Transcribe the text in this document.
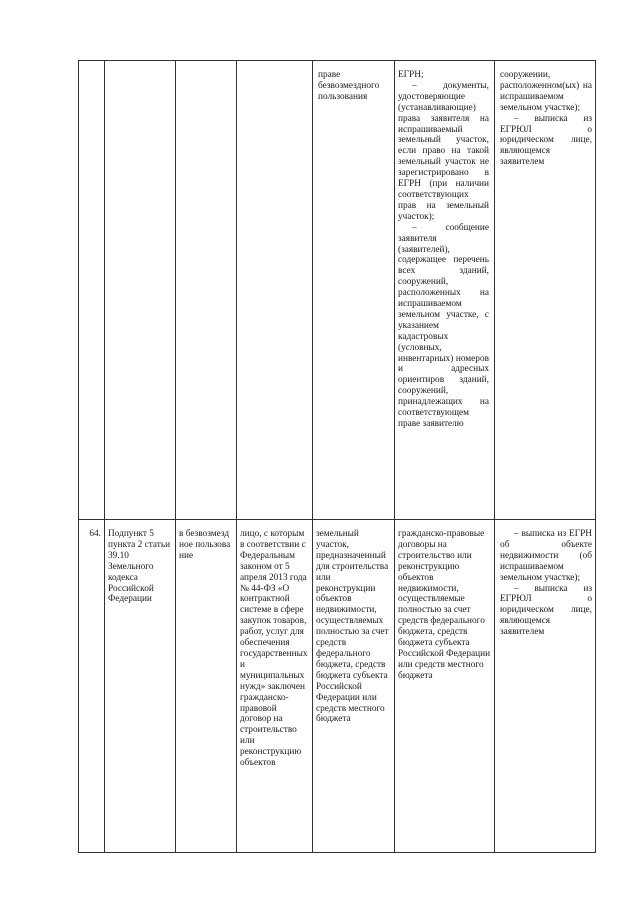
праве безвозмездного пользования

ЕГРН;

– документы, удостоверяющие (устанавливающие) права заявителя на испрашиваемый земельный участок, если право на такой земельный участок не зарегистрировано в ЕГРН (при наличии соответствующих прав на земельный участок);

– сообщение заявителя (заявителей), содержащее перечень всех зданий, сооружений, расположенных на испрашиваемом земельном участке, с указанием кадастровых (условных, инвентарных) номеров и адресных ориентиров зданий, сооружений, принадлежащих на соответствующем праве заявителю

сооружении, расположенном(ых) на испрашиваемом земельном участке);

– выписка из ЕГРЮЛ о юридическом лице, являющемся заявителем

64. Подпункт 5 пункта 2 статьи 39.10 Земельного кодекса Российской Федерации

в безвозмездное пользование

лицо, с которым в соответствии с Федеральным законом от 5 апреля 2013 года № 44-ФЗ «О контрактной системе в сфере закупок товаров, работ, услуг для обеспечения государственных и муниципальных нужд» заключен гражданско-правовой договор на строительство или реконструкцию объектов

земельный участок, предназначенный для строительства или реконструкции объектов недвижимости, осуществляемых полностью за счет средств федерального бюджета, средств бюджета субъекта Российской Федерации или средств местного бюджета

гражданско-правовые договоры на строительство или реконструкцию объектов недвижимости, осуществляемые полностью за счет средств федерального бюджета, средств бюджета субъекта Российской Федерации или средств местного бюджета

– выписка из ЕГРН об объекте недвижимости (об испрашиваемом земельном участке);

– выписка из ЕГРЮЛ о юридическом лице, являющемся заявителем
